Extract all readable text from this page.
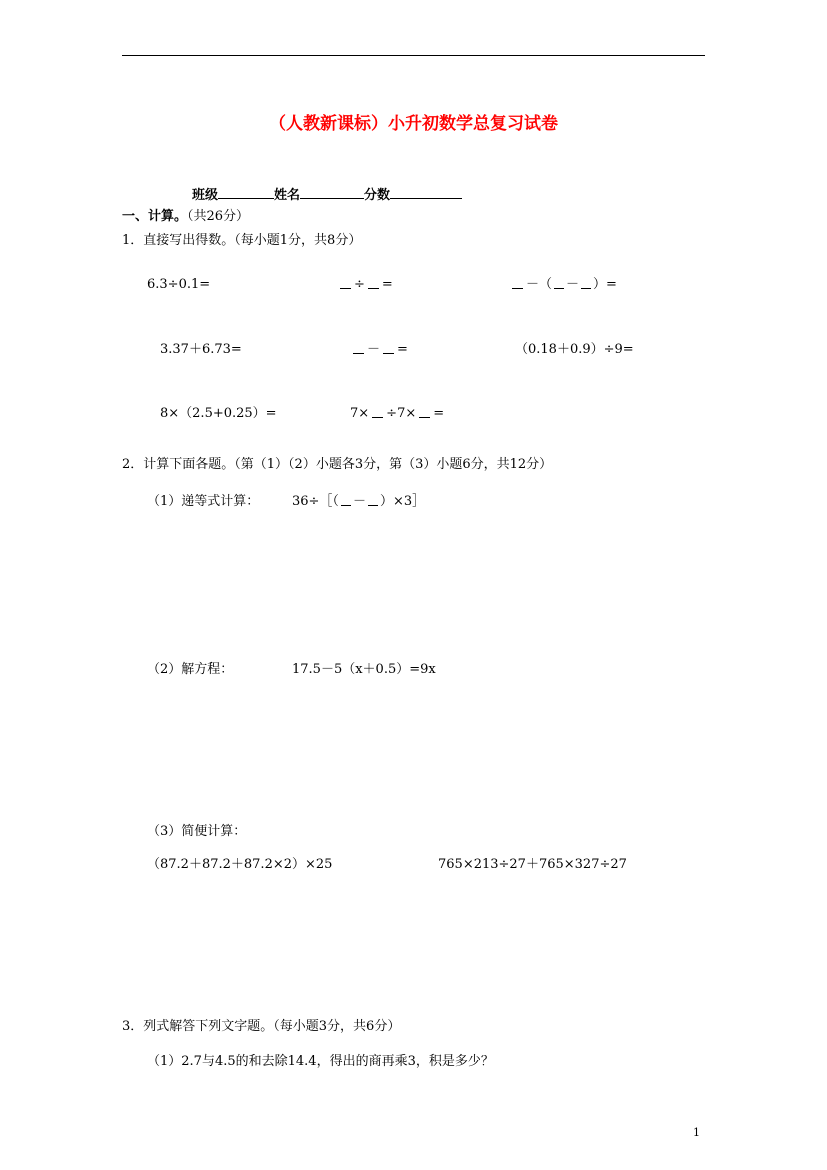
（人教新课标）小升初数学总复习试卷
班级	姓名	分数
一、计算。（共26分）
1．直接写出得数。（每小题1分，共8分）
6.3÷0.1=	÷ =	－（ － ）=
3.37＋6.73=	－ =	（0.18＋0.9）÷9=
8×（2.5+0.25）=	7× ÷7× =
2．计算下面各题。（第（1）（2）小题各3分，第（3）小题6分，共12分）
（1）递等式计算：	36÷［（ － ）×3］
（2）解方程：	17.5－5（x＋0.5）=9x
（3）简便计算：
（87.2＋87.2＋87.2×2）×25	765×213÷27＋765×327÷27
3．列式解答下列文字题。（每小题3分，共6分）
（1）2.7与4.5的和去除14.4，得出的商再乘3，积是多少？
1
